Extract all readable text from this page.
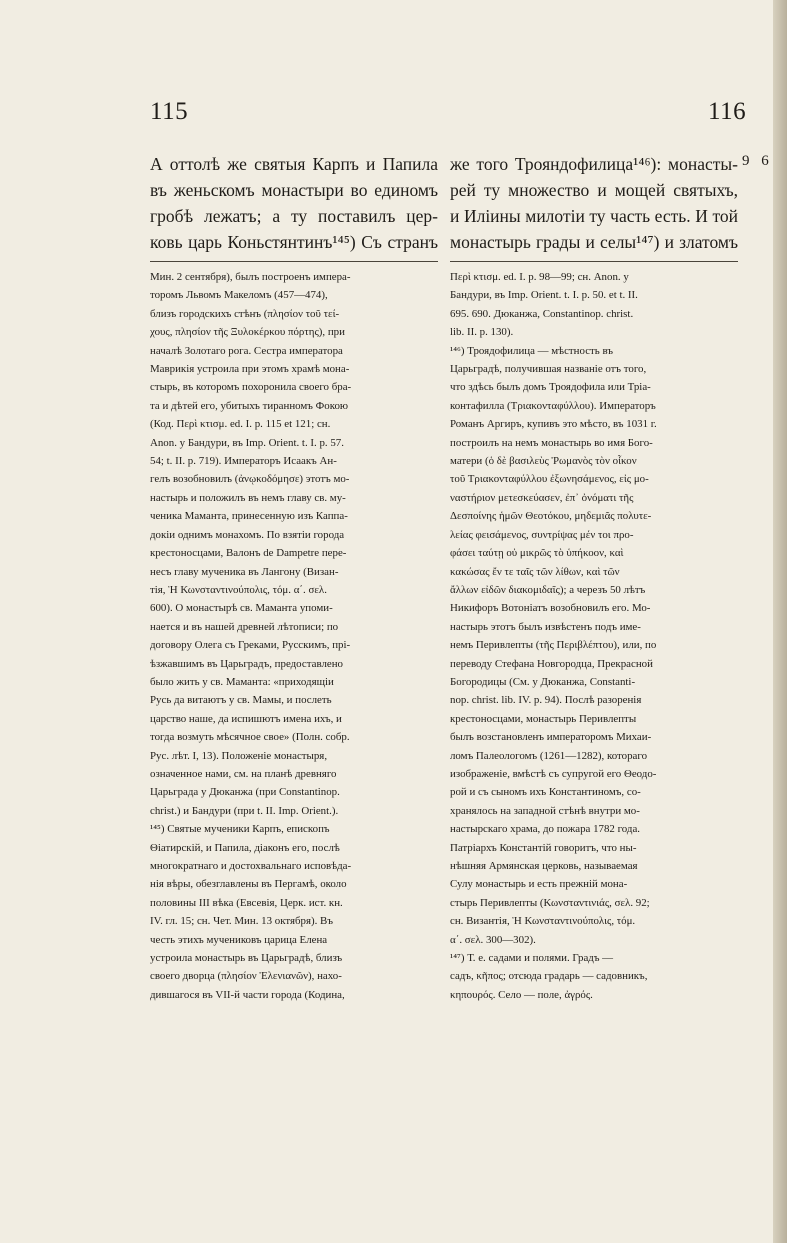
115	116
9 6
А оттолѣ же святыя Карпъ и Папила
въ женьскомъ монастыри во единомъ
гробѣ лежатъ; а ту поставилъ цер-
ковь царь Коньстянтинъ¹⁴⁵) Съ странъ
Мин. 2 сентября), былъ построенъ импера-
торомъ Львомъ Макеломъ (457—474),
близъ городскихъ стѣнъ (πλησίον τοῦ τεί-
χους, πλησίον τῆς Ξυλοκέρκου πόρτης), при
началѣ Золотаго рога. Сестра императора
Маврикія устроила при этомъ храмѣ мона-
стырь, въ которомъ похоронила своего бра-
та и дѣтей его, убитыхъ тиранномъ Фокою
(Код. Περὶ κτισμ. ed. I. p. 115 et 121; сн.
Anon. у Бандури, въ Imp. Orient. t. I. p. 57.
54; t. II. p. 719). Императоръ Исаакъ Ан-
гелъ возобновилъ (ἀνῳκοδόμησε) этотъ мо-
настырь и положилъ въ немъ главу св. му-
ченика Маманта, принесенную изъ Каппа-
докіи однимъ монахомъ. По взятіи города
крестоносцами, Валонъ de Dampetre пере-
несъ главу мученика въ Лангону (Визан-
тія, Ἡ Κωνσταντινούπολις, τόμ. α΄. σελ.
600). О монастырѣ св. Маманта упоми-
нается и въ нашей древней лѣтописи; по
договору Олега съ Греками, Русскимъ, прі-
ѣзжавшимъ въ Царьградъ, предоставлено
было жить у св. Маманта: «приходящіи
Русь да витаютъ у св. Мамы, и послеть
царство наше, да испишютъ имена ихъ, и
тогда возмуть мѣсячное свое» (Полн. собр.
Рус. лѣт. I, 13). Положеніе монастыря,
означенное нами, см. на планѣ древняго
Царьграда у Дюканжа (при Constantinop.
christ.) и Бандури (при t. II. Imp. Orient.).
¹⁴⁵) Святые мученики Карпъ, епископъ
Θіатирскій, и Папила, діаконъ его, послѣ
многократнаго и достохвальнаго исповѣда-
нія вѣры, обезглавлены въ Пергамѣ, около
половины III вѣка (Евсевія, Церк. ист. кн.
IV. гл. 15; сн. Чет. Мин. 13 октября). Въ
честь этихъ мучениковъ царица Елена
устроила монастырь въ Царьградѣ, близъ
своего дворца (πλησίον Ἑλενιανῶν), нахо-
дившагося въ VII-й части города (Кодина,
же того Трояндофилица¹⁴⁶): монасты-
рей ту множество и мощей святыхъ,
и Илiины милотiи ту часть есть. И той
монастырь грады и селы¹⁴⁷) и златомъ
Περὶ κτισμ. ed. I. p. 98—99; сн. Anon. у
Бандури, въ Imp. Orient. t. I. p. 50. et t. II.
695. 690. Дюканжа, Constantinop. christ.
lib. II. p. 130).
¹⁴⁶) Троядофилица — мѣстность въ
Царьградѣ, получившая названіе отъ того,
что здѣсь былъ домъ Троядофила или Тріа-
контафилла (Τριακονταφύλλου). Императоръ
Романъ Аргиръ, купивъ это мѣсто, въ 1031 г.
построилъ на немъ монастырь во имя Бого-
матери (ὁ δὲ βασιλεὺς Ῥωμανὸς τὸν οἶκον
τοῦ Τριακονταφύλλου ἐξωνησάμενος, εἰς μο-
ναστήριον μετεσκεύασεν, ἐπ᾽ ὀνόματι τῆς
Δεσποίνης ἡμῶν Θεοτόκου, μηδεμιᾶς πολυτε-
λείας φεισάμενος, συντρίψας μέν τοι προ-
φάσει ταύτῃ οὐ μικρῶς τὸ ὑπήκοον, καὶ
κακώσας ἔν τε ταῖς τῶν λίθων, καὶ τῶν
ἄλλων εἰδῶν διακομιδαῖς); а черезъ 50 лѣтъ
Никифоръ Вотоніатъ возобновилъ его. Мо-
настырь этотъ былъ извѣстенъ подъ име-
немъ Перивлепты (τῆς Περιβλέπτου), или, по
переводу Стефана Новгородца, Прекрасной
Богородицы (См. у Дюканжа, Constanti-
nop. christ. lib. IV. p. 94). Послѣ разоренія
крестоносцами, монастырь Перивлепты
былъ возстановленъ императоромъ Михаи-
ломъ Палеологомъ (1261—1282), котораго
изображеніе, вмѣстѣ съ супругой его Θеодо-
рой и съ сыномъ ихъ Константиномъ, со-
хранялось на западной стѣнѣ внутри мо-
настырскаго храма, до пожара 1782 года.
Патріархъ Константій говоритъ, что ны-
нѣшняя Армянская церковь, называемая
Сулу монастырь и есть прежній мона-
стырь Перивлепты (Κωνσταντινιάς, σελ. 92;
сн. Византія, Ἡ Κωνσταντινούπολις, τόμ.
α΄. σελ. 300—302).
¹⁴⁷) Т. е. садами и полями. Градъ —
садъ, κῆπος; отсюда градарь — садовникъ,
κηπουρός. Село — поле, ἀγρός.
